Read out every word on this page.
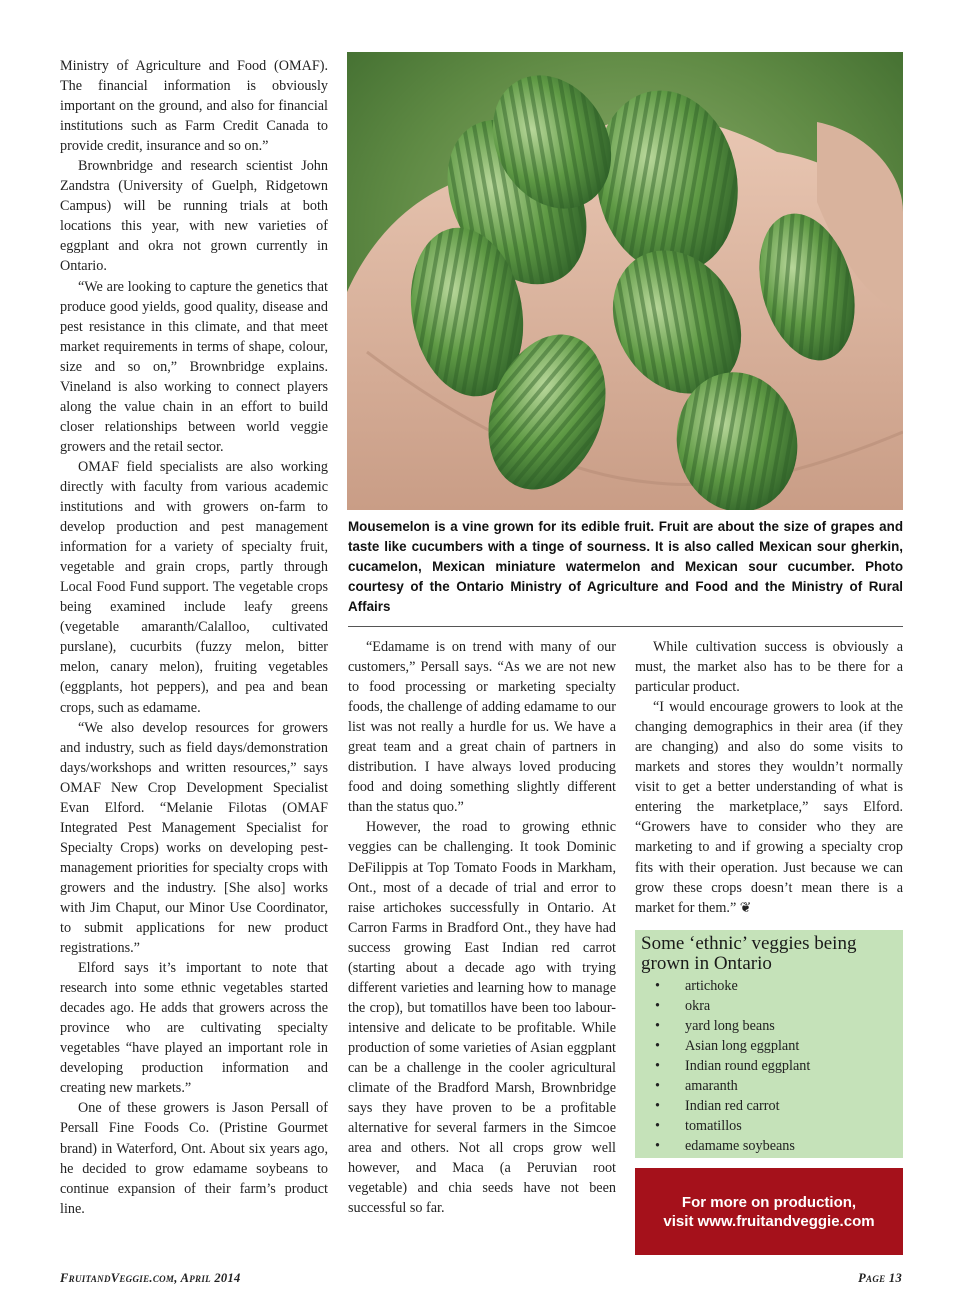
Ministry of Agriculture and Food (OMAF). The financial information is obviously important on the ground, and also for financial institutions such as Farm Credit Canada to provide credit, insurance and so on.”

Brownbridge and research scientist John Zandstra (University of Guelph, Ridgetown Campus) will be running trials at both locations this year, with new varieties of eggplant and okra not grown currently in Ontario.

“We are looking to capture the genetics that produce good yields, good quality, disease and pest resistance in this climate, and that meet market requirements in terms of shape, colour, size and so on,” Brownbridge explains. Vineland is also working to connect players along the value chain in an effort to build closer relationships between world veggie growers and the retail sector.

OMAF field specialists are also working directly with faculty from various academic institutions and with growers on-farm to develop production and pest management information for a variety of specialty fruit, vegetable and grain crops, partly through Local Food Fund support. The vegetable crops being examined include leafy greens (vegetable amaranth/Calalloo, cultivated purslane), cucurbits (fuzzy melon, bitter melon, canary melon), fruiting vegetables (eggplants, hot peppers), and pea and bean crops, such as edamame.

“We also develop resources for growers and industry, such as field days/demonstration days/workshops and written resources,” says OMAF New Crop Development Specialist Evan Elford. “Melanie Filotas (OMAF Integrated Pest Management Specialist for Specialty Crops) works on developing pest-management priorities for specialty crops with growers and the industry. [She also] works with Jim Chaput, our Minor Use Coordinator, to submit applications for new product registrations.”

Elford says it’s important to note that research into some ethnic vegetables started decades ago. He adds that growers across the province who are cultivating specialty vegetables “have played an important role in developing production information and creating new markets.”

One of these growers is Jason Persall of Persall Fine Foods Co. (Pristine Gourmet brand) in Waterford, Ont. About six years ago, he decided to grow edamame soybeans to continue expansion of their farm’s product line.

Mousemelon is a vine grown for its edible fruit. Fruit are about the size of grapes and taste like cucumbers with a tinge of sourness. It is also called Mexican sour gherkin, cucamelon, Mexican miniature watermelon and Mexican sour cucumber. Photo courtesy of the Ontario Ministry of Agriculture and Food and the Ministry of Rural Affairs

“Edamame is on trend with many of our customers,” Persall says. “As we are not new to food processing or marketing specialty foods, the challenge of adding edamame to our list was not really a hurdle for us. We have a great team and a great chain of partners in distribution. I have always loved producing food and doing something slightly different than the status quo.”

However, the road to growing ethnic veggies can be challenging. It took Dominic DeFilippis at Top Tomato Foods in Markham, Ont., most of a decade of trial and error to raise artichokes successfully in Ontario. At Carron Farms in Bradford Ont., they have had success growing East Indian red carrot (starting about a decade ago with trying different varieties and learning how to manage the crop), but tomatillos have been too labour-intensive and delicate to be profitable. While production of some varieties of Asian eggplant can be a challenge in the cooler agricultural climate of the Bradford Marsh, Brownbridge says they have proven to be a profitable alternative for several farmers in the Simcoe area and others. Not all crops grow well however, and Maca (a Peruvian root vegetable) and chia seeds have not been successful so far.

While cultivation success is obviously a must, the market also has to be there for a particular product.

“I would encourage growers to look at the changing demographics in their area (if they are changing) and also do some visits to markets and stores they wouldn’t normally visit to get a better understanding of what is entering the marketplace,” says Elford. “Growers have to consider who they are marketing to and if growing a specialty crop fits with their operation. Just because we can grow these crops doesn’t mean there is a market for them.” ❦

Some ‘ethnic’ veggies being grown in Ontario
• artichoke
• okra
• yard long beans
• Asian long eggplant
• Indian round eggplant
• amaranth
• Indian red carrot
• tomatillos
• edamame soybeans
For more on production,
visit www.fruitandveggie.com
FruitandVeggie.com, April 2014	Page 13
